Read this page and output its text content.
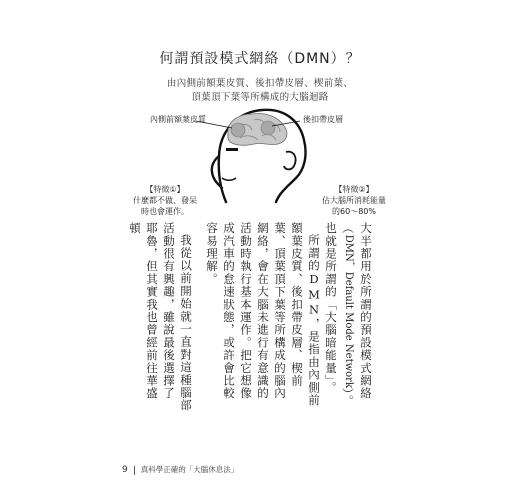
何謂預設模式網絡（DMN）？
由內側前額葉皮質、後扣帶皮層、楔前葉、
頂葉頂下葉等所構成的大腦迴路
內側前額葉皮質	後扣帶皮層
【特徵①】
什麼都不做、發呆
時也會運作。
【特徵②】
佔大腦所消耗能量
的60～80%

大半都用於所謂的預設模式網絡（DMN，Default Mode Network）。也就是所謂的「大腦暗能量」。

所謂的DMN，是指由內側前額葉皮質、後扣帶皮層、楔前葉、頂葉頂下葉等所構成的腦內網絡，會在大腦未進行有意識的活動時執行基本運作。把它想像成汽車的怠速狀態，或許會比較容易理解。

我從以前開始就一直對這種腦部活動很有興趣，雖說最後選擇了耶魯，但其實我也曾經前往華盛頓

9 真科學正確的「大腦休息法」
